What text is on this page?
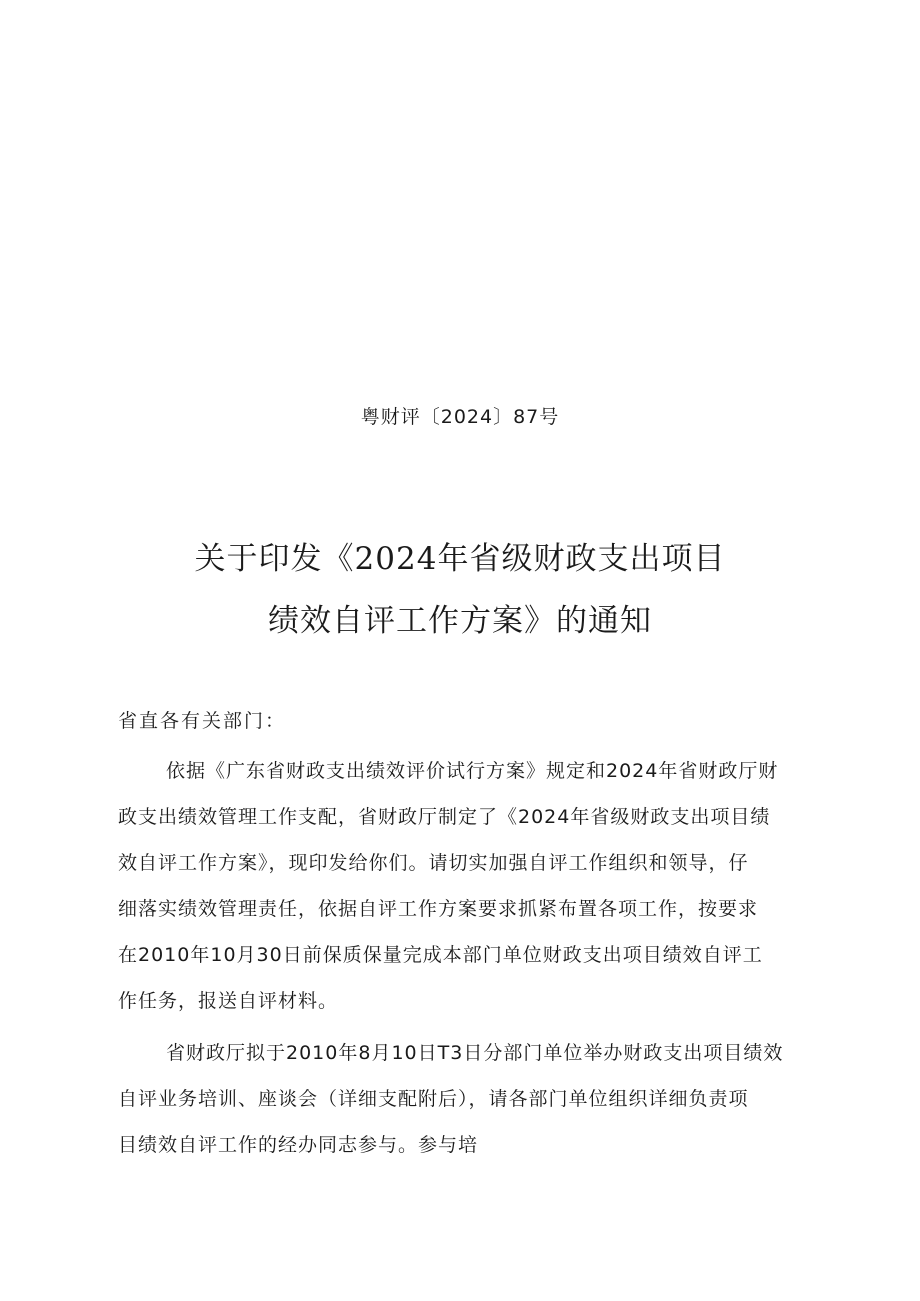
粤财评〔2024〕87号
关于印发《2024年省级财政支出项目
绩效自评工作方案》的通知
省直各有关部门：
依据《广东省财政支出绩效评价试行方案》规定和2024年省财政厅财
政支出绩效管理工作支配，省财政厅制定了《2024年省级财政支出项目绩
效自评工作方案》，现印发给你们。请切实加强自评工作组织和领导，仔
细落实绩效管理责任，依据自评工作方案要求抓紧布置各项工作，按要求
在2010年10月30日前保质保量完成本部门单位财政支出项目绩效自评工
作任务，报送自评材料。
省财政厅拟于2010年8月10日T3日分部门单位举办财政支出项目绩效
自评业务培训、座谈会（详细支配附后），请各部门单位组织详细负责项
目绩效自评工作的经办同志参与。参与培
